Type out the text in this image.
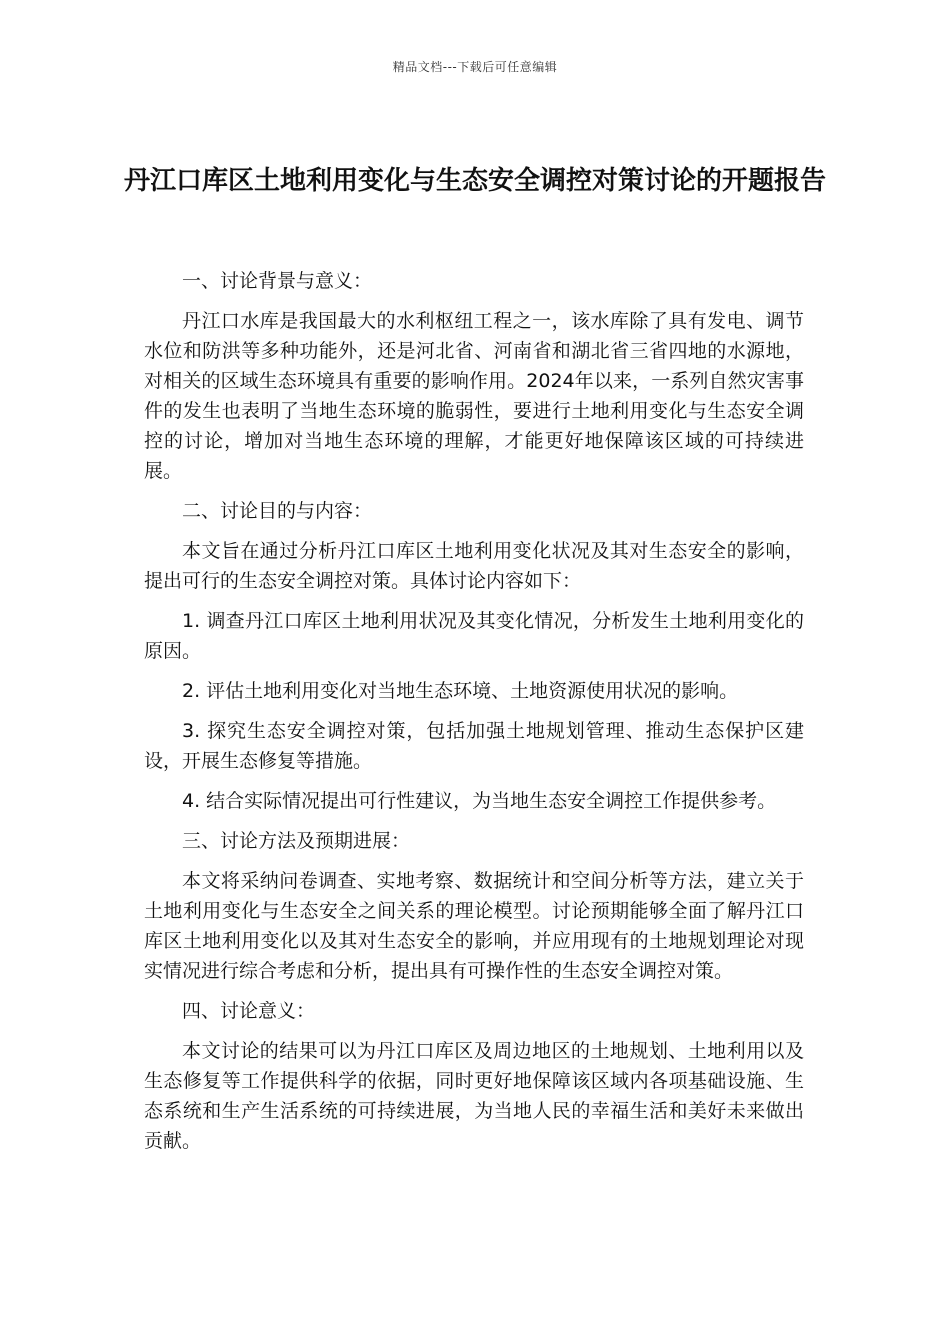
精品文档---下载后可任意编辑
丹江口库区土地利用变化与生态安全调控对策讨论的开题报告

一、讨论背景与意义：

丹江口水库是我国最大的水利枢纽工程之一，该水库除了具有发电、调节水位和防洪等多种功能外，还是河北省、河南省和湖北省三省四地的水源地，对相关的区域生态环境具有重要的影响作用。2024年以来，一系列自然灾害事件的发生也表明了当地生态环境的脆弱性，要进行土地利用变化与生态安全调控的讨论，增加对当地生态环境的理解，才能更好地保障该区域的可持续进展。

二、讨论目的与内容：

本文旨在通过分析丹江口库区土地利用变化状况及其对生态安全的影响，提出可行的生态安全调控对策。具体讨论内容如下：

1. 调查丹江口库区土地利用状况及其变化情况，分析发生土地利用变化的原因。

2. 评估土地利用变化对当地生态环境、土地资源使用状况的影响。

3. 探究生态安全调控对策，包括加强土地规划管理、推动生态保护区建设，开展生态修复等措施。

4. 结合实际情况提出可行性建议，为当地生态安全调控工作提供参考。

三、讨论方法及预期进展：

本文将采纳问卷调查、实地考察、数据统计和空间分析等方法，建立关于土地利用变化与生态安全之间关系的理论模型。讨论预期能够全面了解丹江口库区土地利用变化以及其对生态安全的影响，并应用现有的土地规划理论对现实情况进行综合考虑和分析，提出具有可操作性的生态安全调控对策。

四、讨论意义：

本文讨论的结果可以为丹江口库区及周边地区的土地规划、土地利用以及生态修复等工作提供科学的依据，同时更好地保障该区域内各项基础设施、生态系统和生产生活系统的可持续进展，为当地人民的幸福生活和美好未来做出贡献。
